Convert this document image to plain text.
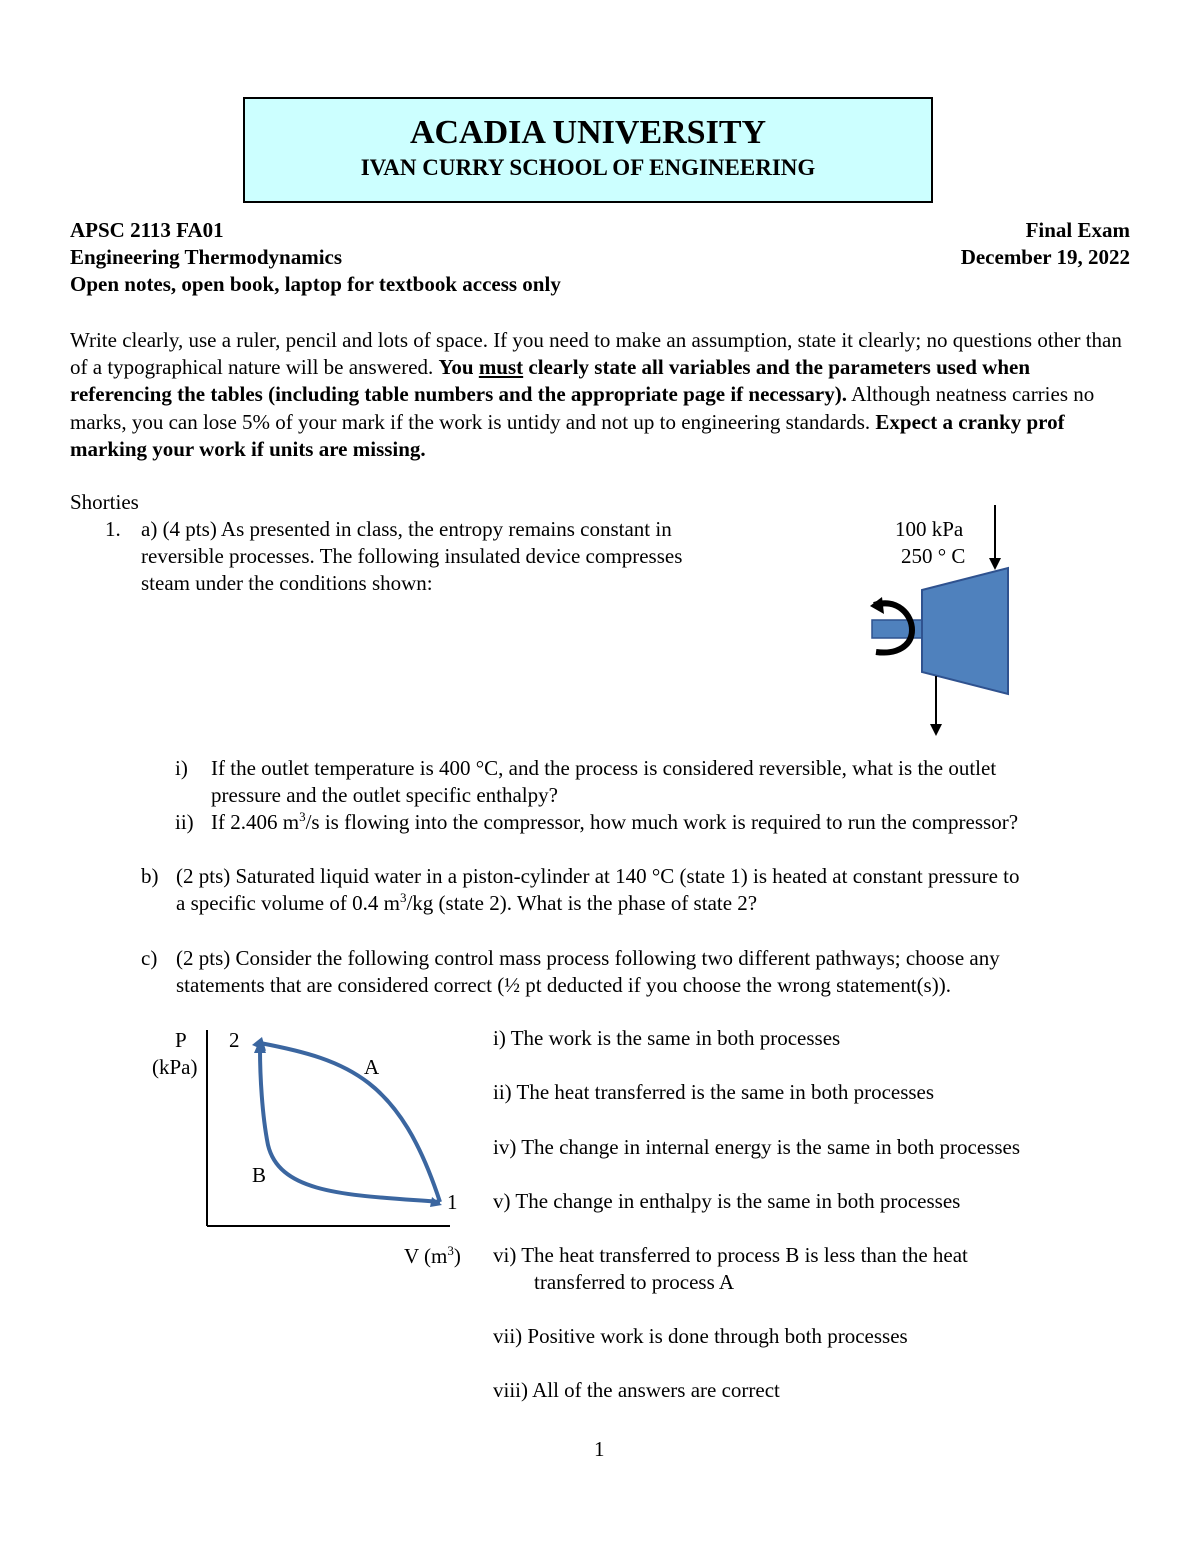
ACADIA UNIVERSITY
IVAN CURRY SCHOOL OF ENGINEERING
APSC 2113 FA01	Final Exam
Engineering Thermodynamics	December 19, 2022
Open notes, open book, laptop for textbook access only
Write clearly, use a ruler, pencil and lots of space. If you need to make an assumption, state it clearly; no questions other than of a typographical nature will be answered. You must clearly state all variables and the parameters used when referencing the tables (including table numbers and the appropriate page if necessary). Although neatness carries no marks, you can lose 5% of your mark if the work is untidy and not up to engineering standards. Expect a cranky prof marking your work if units are missing.
Shorties
1. a) (4 pts) As presented in class, the entropy remains constant in
reversible processes. The following insulated device compresses
steam under the conditions shown:
100 kPa
250 ° C
i) If the outlet temperature is 400 °C, and the process is considered reversible, what is the outlet
pressure and the outlet specific enthalpy?
ii) If 2.406 $m^3/s$ is flowing into the compressor, how much work is required to run the compressor?
b) (2 pts) Saturated liquid water in a piston-cylinder at 140 °C (state 1) is heated at constant pressure to
a specific volume of 0.4 $m^3/kg$ (state 2). What is the phase of state 2?
c) (2 pts) Consider the following control mass process following two different pathways; choose any
statements that are considered correct (½ pt deducted if you choose the wrong statement(s)).
P
(kPa)
2
A
B
1
V $(m^3)$
i) The work is the same in both processes
ii) The heat transferred is the same in both processes
iv) The change in internal energy is the same in both processes
v) The change in enthalpy is the same in both processes
vi) The heat transferred to process B is less than the heat
transferred to process A
vii) Positive work is done through both processes
viii) All of the answers are correct
1
